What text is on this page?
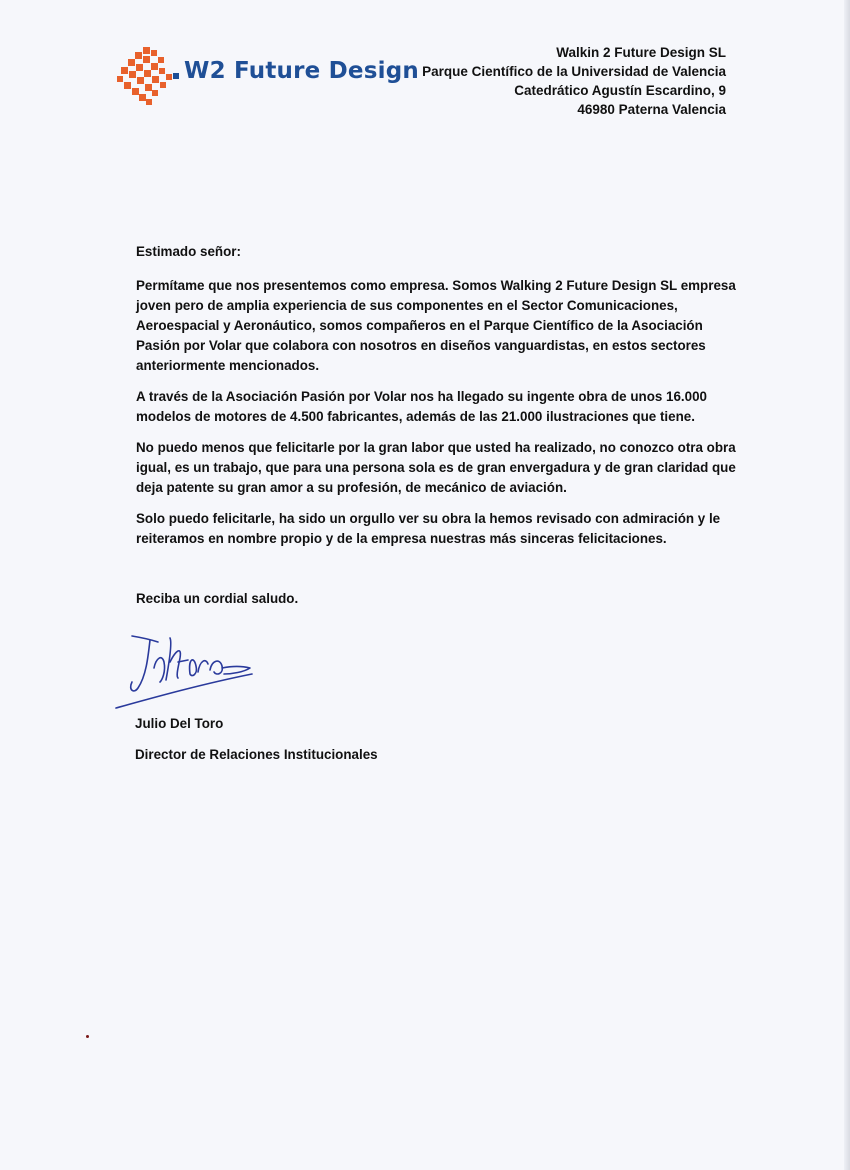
W2 Future Design
Walkin 2 Future Design SL
Parque Científico de la Universidad de Valencia
Catedrático Agustín Escardino, 9
46980 Paterna Valencia

Estimado señor:

Permítame que nos presentemos como empresa. Somos Walking 2 Future Design SL empresa joven pero de amplia experiencia de sus componentes en el Sector Comunicaciones, Aeroespacial y Aeronáutico, somos compañeros en el Parque Científico de la Asociación Pasión por Volar que colabora con nosotros en diseños vanguardistas, en estos sectores anteriormente mencionados.

A través de la Asociación Pasión por Volar nos ha llegado su ingente obra de unos 16.000 modelos de motores de 4.500 fabricantes, además de las 21.000 ilustraciones que tiene.

No puedo menos que felicitarle por la gran labor que usted ha realizado, no conozco otra obra igual, es un trabajo, que para una persona sola es de gran envergadura y de gran claridad que deja patente su gran amor a su profesión, de mecánico de aviación.

Solo puedo felicitarle, ha sido un orgullo ver su obra la hemos revisado con admiración y le reiteramos en nombre propio y de la empresa nuestras más sinceras felicitaciones.

Reciba un cordial saludo.
Julio Del Toro
Director de Relaciones Institucionales
